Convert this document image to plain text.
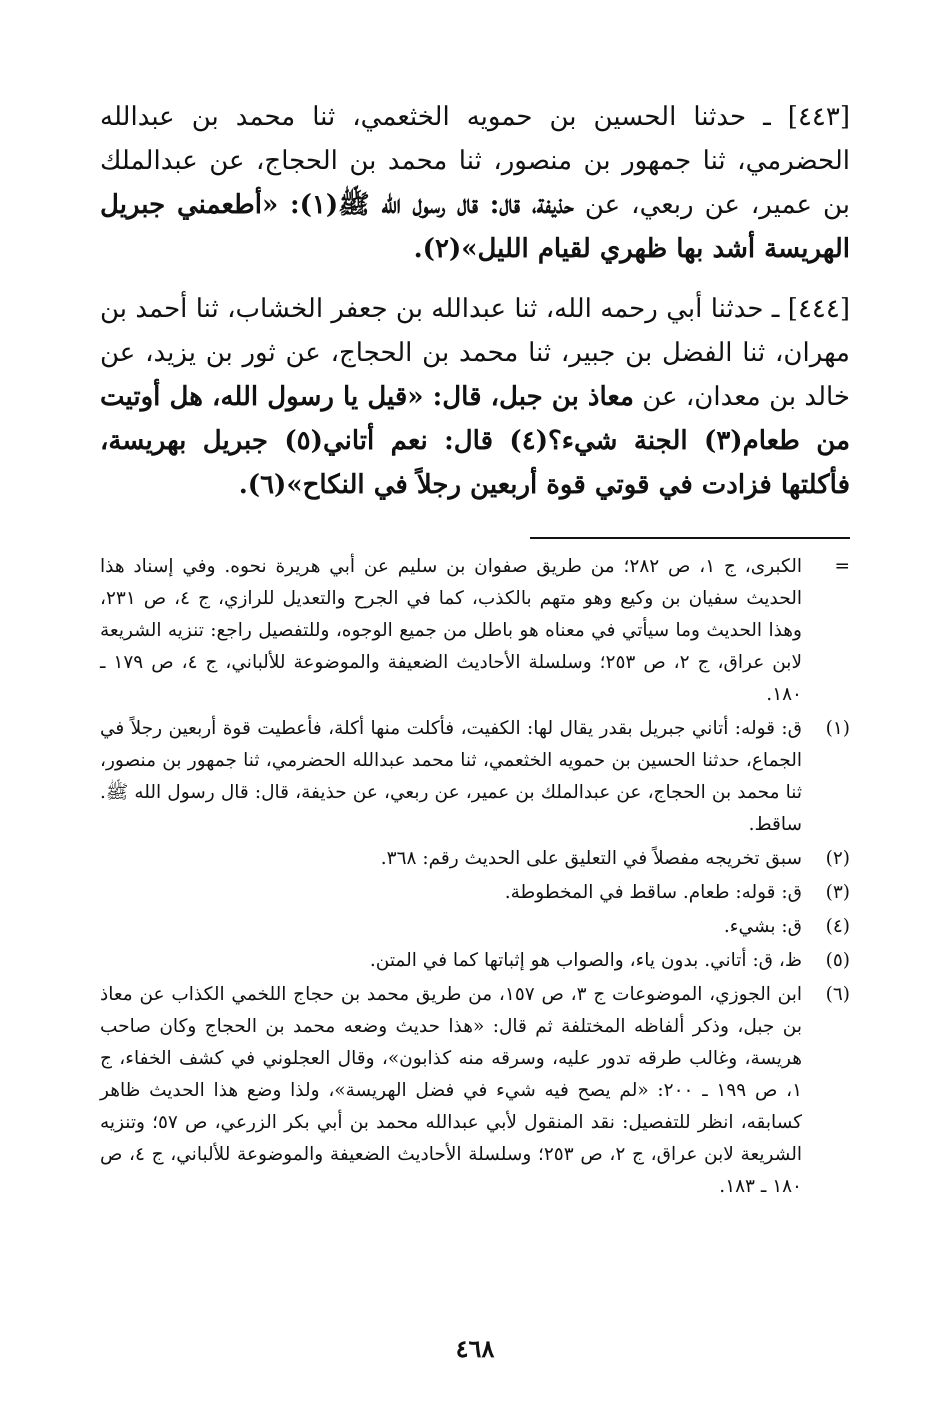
[٤٤٣] ـ حدثنا الحسين بن حمويه الخثعمي، ثنا محمد بن عبدالله الحضرمي، ثنا جمهور بن منصور، ثنا محمد بن الحجاج، عن عبدالملك بن عمير، عن ربعي، عن حذيفة، قال: قال رسول الله ﷺ(١): «أطعمني جبريل الهريسة أشد بها ظهري لقيام الليل»(٢).

[٤٤٤] ـ حدثنا أبي رحمه الله، ثنا عبدالله بن جعفر الخشاب، ثنا أحمد بن مهران، ثنا الفضل بن جبير، ثنا محمد بن الحجاج، عن ثور بن يزيد، عن خالد بن معدان، عن معاذ بن جبل، قال: «قيل يا رسول الله، هل أوتيت من طعام(٣) الجنة شيء؟(٤) قال: نعم أتاني(٥) جبريل بهريسة، فأكلتها فزادت في قوتي قوة أربعين رجلاً في النكاح»(٦).

=
الكبرى، ج ١، ص ٢٨٢؛ من طريق صفوان بن سليم عن أبي هريرة نحوه. وفي إسناد هذا الحديث سفيان بن وكيع وهو متهم بالكذب، كما في الجرح والتعديل للرازي، ج ٤، ص ٢٣١، وهذا الحديث وما سيأتي في معناه هو باطل من جميع الوجوه، وللتفصيل راجع: تنزيه الشريعة لابن عراق، ج ٢، ص ٢٥٣؛ وسلسلة الأحاديث الضعيفة والموضوعة للألباني، ج ٤، ص ١٧٩ ـ ١٨٠.
(١)
ق: قوله: أتاني جبريل بقدر يقال لها: الكفيت، فأكلت منها أكلة، فأعطيت قوة أربعين رجلاً في الجماع، حدثنا الحسين بن حمويه الخثعمي، ثنا محمد عبدالله الحضرمي، ثنا جمهور بن منصور، ثنا محمد بن الحجاج، عن عبدالملك بن عمير، عن ربعي، عن حذيفة، قال: قال رسول الله ﷺ. ساقط.
(٢)
سبق تخريجه مفصلاً في التعليق على الحديث رقم: ٣٦٨.
(٣)
ق: قوله: طعام. ساقط في المخطوطة.
(٤)
ق: بشيء.
(٥)
ظ، ق: أتاني. بدون ياء، والصواب هو إثباتها كما في المتن.
(٦)
ابن الجوزي، الموضوعات ج ٣، ص ١٥٧، من طريق محمد بن حجاج اللخمي الكذاب عن معاذ بن جبل، وذكر ألفاظه المختلفة ثم قال: «هذا حديث وضعه محمد بن الحجاج وكان صاحب هريسة، وغالب طرقه تدور عليه، وسرقه منه كذابون»، وقال العجلوني في كشف الخفاء، ج ١، ص ١٩٩ ـ ٢٠٠: «لم يصح فيه شيء في فضل الهريسة»، ولذا وضع هذا الحديث ظاهر كسابقه، انظر للتفصيل: نقد المنقول لأبي عبدالله محمد بن أبي بكر الزرعي، ص ٥٧؛ وتنزيه الشريعة لابن عراق، ج ٢، ص ٢٥٣؛ وسلسلة الأحاديث الضعيفة والموضوعة للألباني، ج ٤، ص ١٨٠ ـ ١٨٣.
٤٦٨
